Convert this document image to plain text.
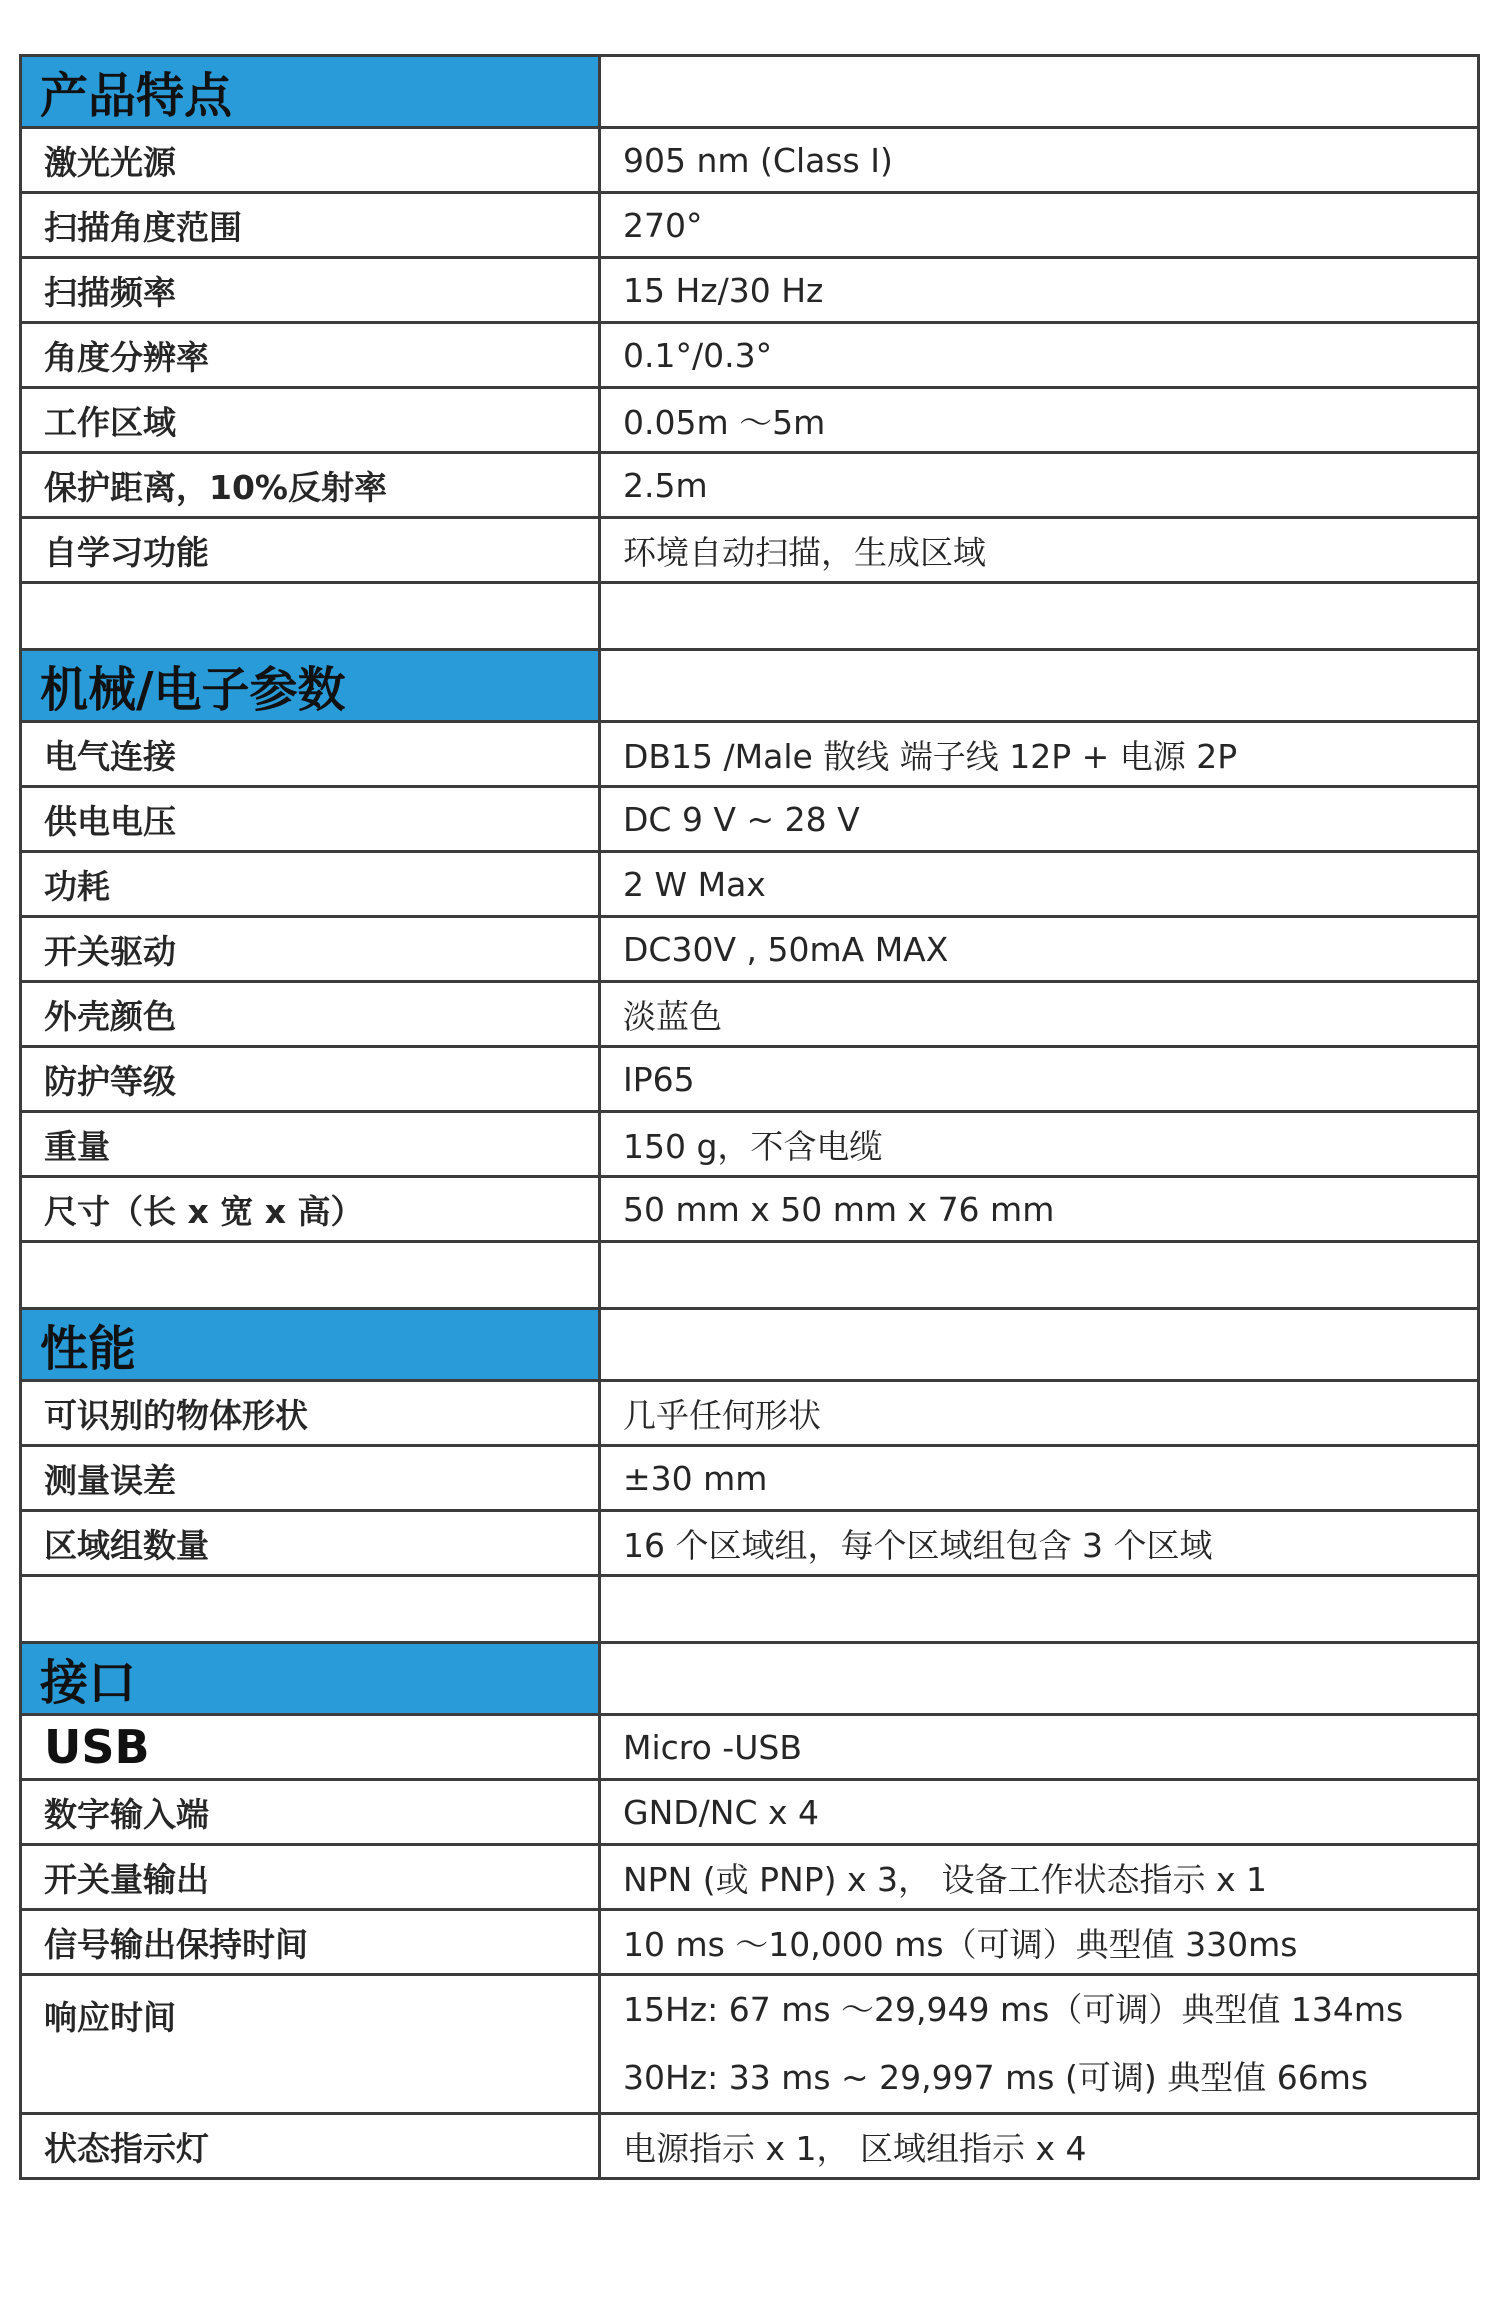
产品特点	
激光光源	905 nm (Class I)
扫描角度范围	270°
扫描频率	15 Hz/30 Hz
角度分辨率	0.1°/0.3°
工作区域	0.05m ～5m
保护距离，10%反射率	2.5m
自学习功能	环境自动扫描，生成区域

机械/电子参数	
电气连接	DB15 /Male 散线 端子线 12P + 电源 2P
供电电压	DC 9 V ~ 28 V
功耗	2 W Max
开关驱动	DC30V , 50mA MAX
外壳颜色	淡蓝色
防护等级	IP65
重量	150 g，不含电缆
尺寸（长 x 宽 x 高）	50 mm x 50 mm x 76 mm

性能	
可识别的物体形状	几乎任何形状
测量误差	±30 mm
区域组数量	16 个区域组，每个区域组包含 3 个区域

接口	
USB	Micro -USB
数字输入端	GND/NC x 4
开关量输出	NPN (或 PNP) x 3， 设备工作状态指示 x 1
信号输出保持时间	10 ms ～10,000 ms（可调）典型值 330ms
响应时间	15Hz: 67 ms ～29,949 ms（可调）典型值 134ms
30Hz: 33 ms ~ 29,997 ms (可调) 典型值 66ms

状态指示灯	电源指示 x 1， 区域组指示 x 4
